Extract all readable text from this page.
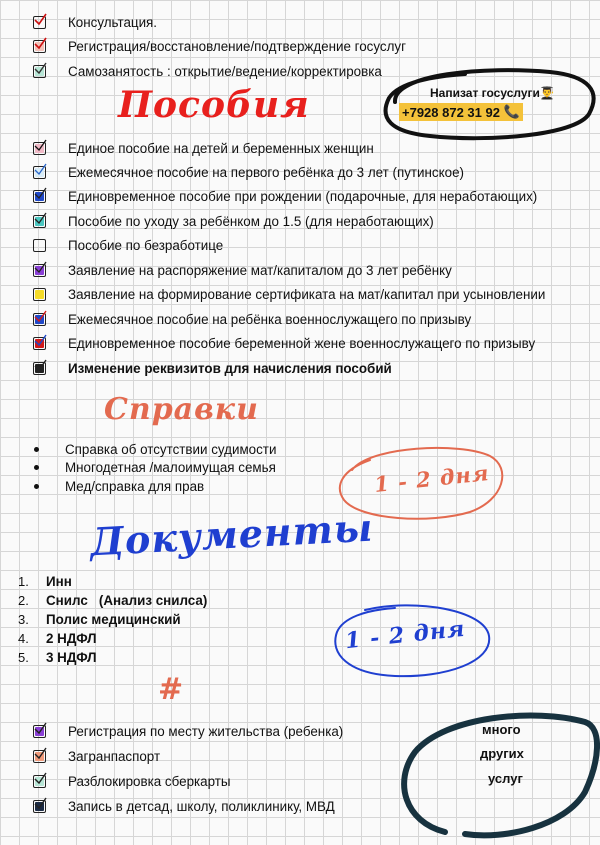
Консультация.
Регистрация/восстановление/подтверждение госуслуг
Самозанятость : открытие/ведение/корректировка
Напизат госуслуги👨‍🎓
+7928 872 31 92
📞
Пособия
Единое пособие на детей и беременных женщин
Ежемесячное пособие на первого ребёнка до 3 лет (путинское)
Единовременное пособие при рождении (подарочные, для неработающих)
Пособие по уходу за ребёнком до 1.5 (для неработающих)
Пособие по безработице
Заявление на распоряжение мат/капиталом до 3 лет ребёнку
Заявление на формирование сертификата на мат/капитал при усыновлении
Ежемесячное пособие на ребёнка военнослужащего по призыву
Единовременное пособие беременной жене военнослужащего по призыву
Изменение реквизитов для начисления пособий
Справки
Справка об отсутствии судимости
Многодетная /малоимущая семья
Мед/справка для прав	1 - 2 дня
Документы
1.	Инн
2.	Снилс   (Анализ снилса)
3.	Полис медицинский
4.	2 НДФЛ
5.	3 НДФЛ
1 - 2 дня
#
Регистрация по месту жительства (ребенка)
Загранпаспорт
Разблокировка сберкарты
Запись в детсад, школу, поликлинику, МВД
много
других
услуг
